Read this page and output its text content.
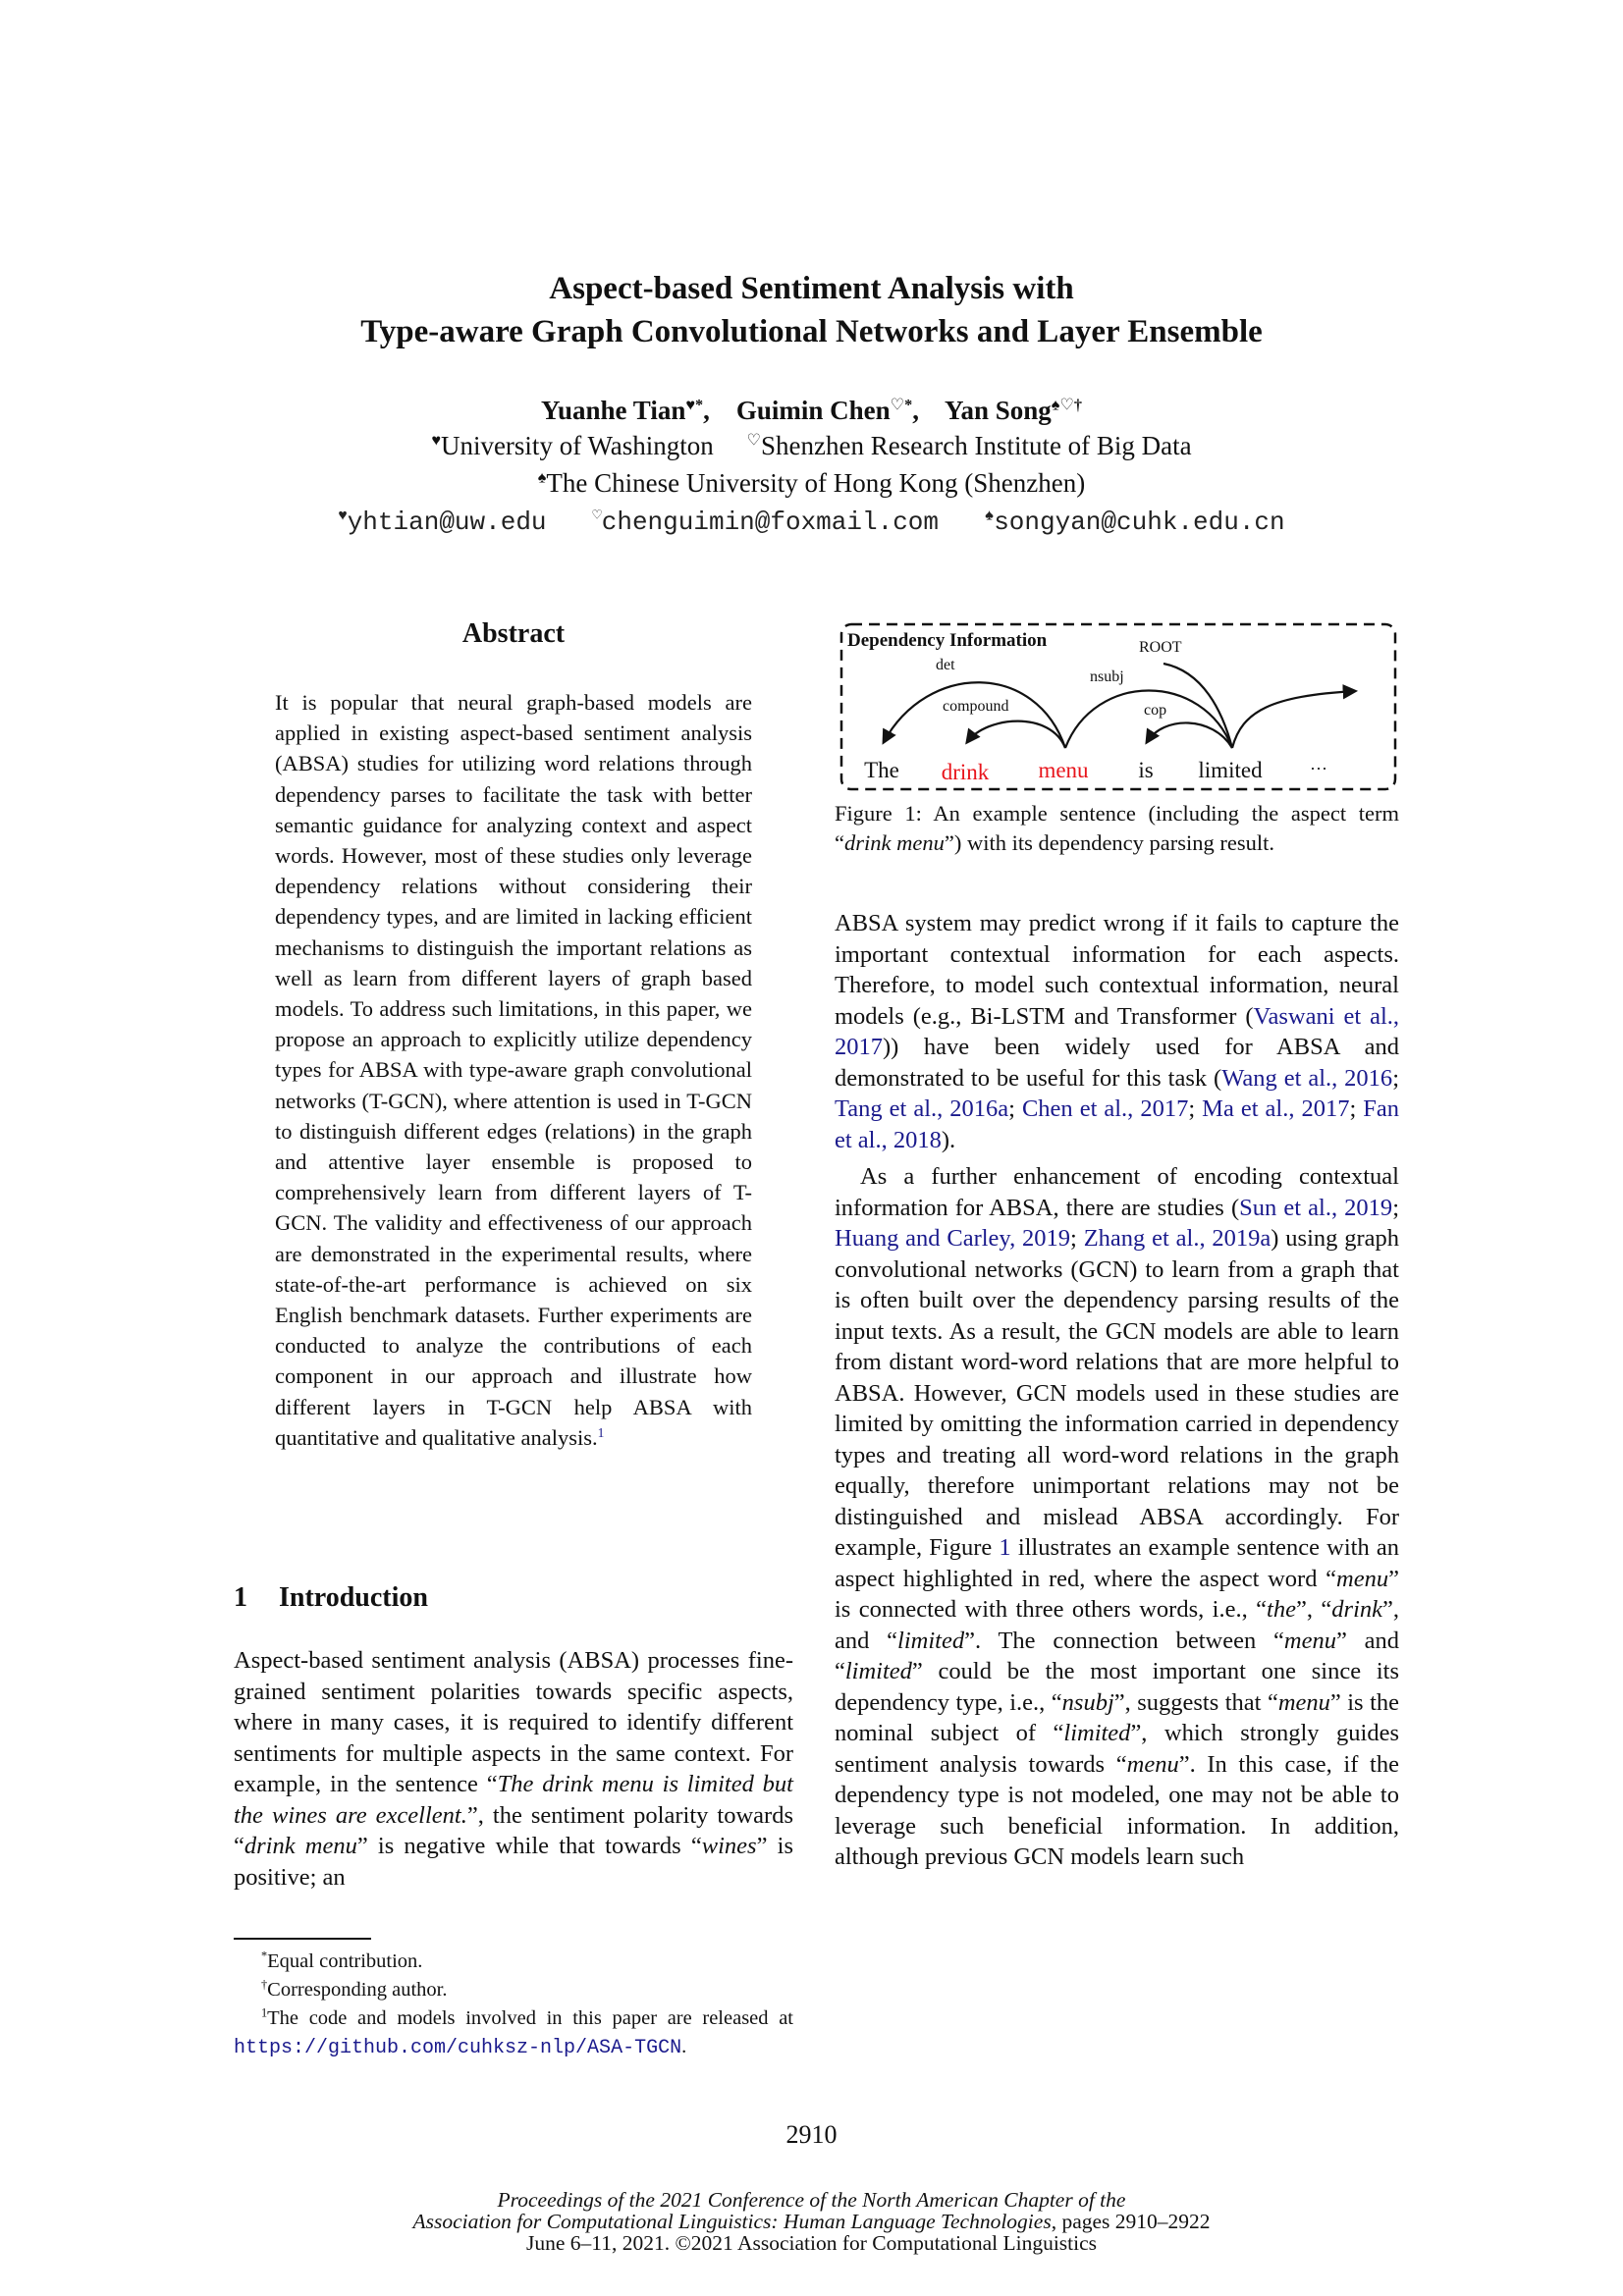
Aspect-based Sentiment Analysis with
Type-aware Graph Convolutional Networks and Layer Ensemble
Yuanhe Tian♥*,    Guimin Chen♡*,    Yan Song♠♡†
♥University of Washington ♡Shenzhen Research Institute of Big Data
♠The Chinese University of Hong Kong (Shenzhen)
♥yhtian@uw.edu	♡chenguimin@foxmail.com	♠songyan@cuhk.edu.cn
Abstract
It is popular that neural graph-based models are applied in existing aspect-based sentiment analysis (ABSA) studies for utilizing word relations through dependency parses to facilitate the task with better semantic guidance for analyzing context and aspect words. However, most of these studies only leverage dependency relations without considering their dependency types, and are limited in lacking efficient mechanisms to distinguish the important relations as well as learn from different layers of graph based models. To address such limitations, in this paper, we propose an approach to explicitly utilize dependency types for ABSA with type-aware graph convolutional networks (T-GCN), where attention is used in T-GCN to distinguish different edges (relations) in the graph and attentive layer ensemble is proposed to comprehensively learn from different layers of T-GCN. The validity and effectiveness of our approach are demonstrated in the experimental results, where state-of-the-art performance is achieved on six English benchmark datasets. Further experiments are conducted to analyze the contributions of each component in our approach and illustrate how different layers in T-GCN help ABSA with quantitative and qualitative analysis.$^1$
1 Introduction
Aspect-based sentiment analysis (ABSA) processes fine-grained sentiment polarities towards specific aspects, where in many cases, it is required to identify different sentiments for multiple aspects in the same context. For example, in the sentence “The drink menu is limited but the wines are excellent.”, the sentiment polarity towards “drink menu” is negative while that towards “wines” is positive; an

*Equal contribution.

†Corresponding author.

$^1$The code and models involved in this paper are released at https://github.com/cuhksz-nlp/ASA-TGCN.

Dependency Information
det
compound
nsubj
cop
ROOT
The drink menu is limited	···
Figure 1: An example sentence (including the aspect term “drink menu”) with its dependency parsing result.

ABSA system may predict wrong if it fails to capture the important contextual information for each aspects. Therefore, to model such contextual information, neural models (e.g., Bi-LSTM and Transformer (Vaswani et al., 2017)) have been widely used for ABSA and demonstrated to be useful for this task (Wang et al., 2016; Tang et al., 2016a; Chen et al., 2017; Ma et al., 2017; Fan et al., 2018).

As a further enhancement of encoding contextual information for ABSA, there are studies (Sun et al., 2019; Huang and Carley, 2019; Zhang et al., 2019a) using graph convolutional networks (GCN) to learn from a graph that is often built over the dependency parsing results of the input texts. As a result, the GCN models are able to learn from distant word-word relations that are more helpful to ABSA. However, GCN models used in these studies are limited by omitting the information carried in dependency types and treating all word-word relations in the graph equally, therefore unimportant relations may not be distinguished and mislead ABSA accordingly. For example, Figure 1 illustrates an example sentence with an aspect highlighted in red, where the aspect word “menu” is connected with three others words, i.e., “the”, “drink”, and “limited”. The connection between “menu” and “limited” could be the most important one since its dependency type, i.e., “nsubj”, suggests that “menu” is the nominal subject of “limited”, which strongly guides sentiment analysis towards “menu”. In this case, if the dependency type is not modeled, one may not be able to leverage such beneficial information. In addition, although previous GCN models learn such

2910
Proceedings of the 2021 Conference of the North American Chapter of the
Association for Computational Linguistics: Human Language Technologies, pages 2910–2922
June 6–11, 2021. ©2021 Association for Computational Linguistics
